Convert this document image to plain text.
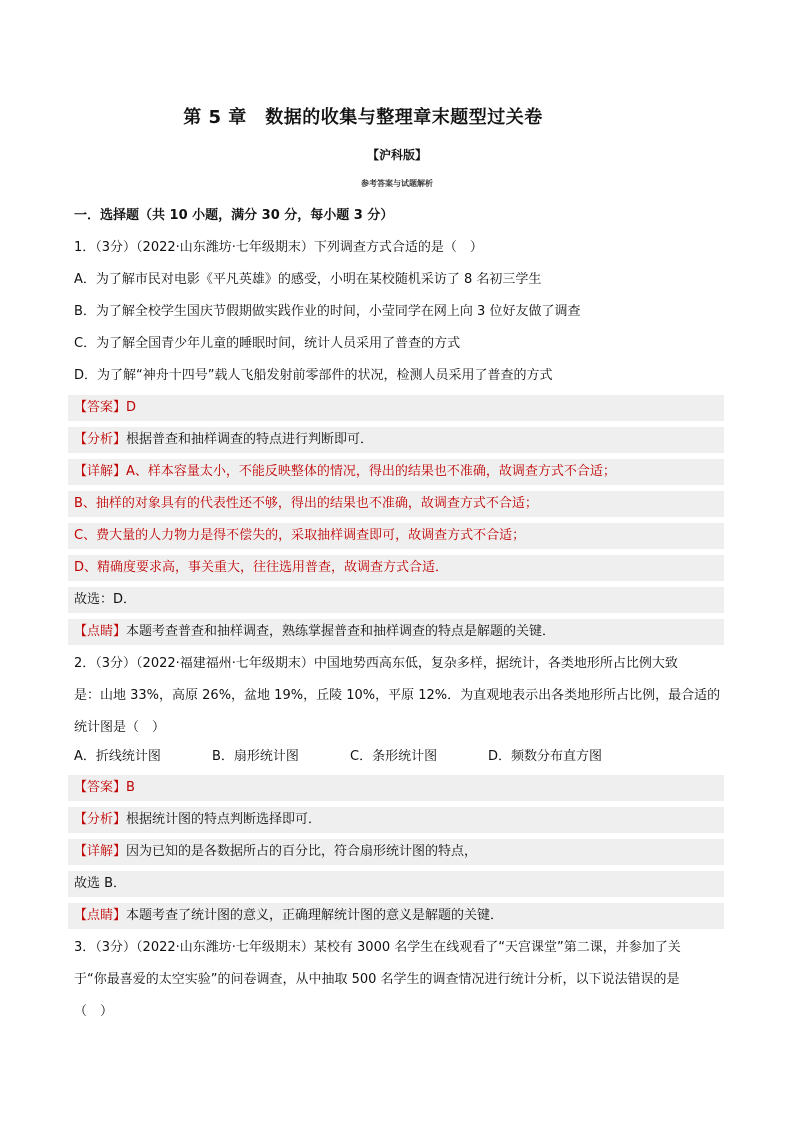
第 5 章　数据的收集与整理章末题型过关卷
【沪科版】
参考答案与试题解析
一．选择题（共 10 小题，满分 30 分，每小题 3 分）
1．（3分）（2022·山东潍坊·七年级期末）下列调查方式合适的是（　）
A．为了解市民对电影《平凡英雄》的感受，小明在某校随机采访了 8 名初三学生
B．为了解全校学生国庆节假期做实践作业的时间，小莹同学在网上向 3 位好友做了调查
C．为了解全国青少年儿童的睡眠时间，统计人员采用了普查的方式
D．为了解“神舟十四号”载人飞船发射前零部件的状况，检测人员采用了普查的方式
【答案】D
【分析】根据普查和抽样调查的特点进行判断即可．
【详解】A、样本容量太小，不能反映整体的情况，得出的结果也不准确，故调查方式不合适；
B、抽样的对象具有的代表性还不够，得出的结果也不准确，故调查方式不合适；
C、费大量的人力物力是得不偿失的，采取抽样调查即可，故调查方式不合适；
D、精确度要求高，事关重大，往往选用普查，故调查方式合适．
故选：D．
【点睛】本题考查普查和抽样调查，熟练掌握普查和抽样调查的特点是解题的关键．
2．（3分）（2022·福建福州·七年级期末）中国地势西高东低，复杂多样，据统计，各类地形所占比例大致
是：山地 33%，高原 26%，盆地 19%，丘陵 10%，平原 12%．为直观地表示出各类地形所占比例，最合适的
统计图是（　）
A．折线统计图	B．扇形统计图	C．条形统计图	D．频数分布直方图
【答案】B
【分析】根据统计图的特点判断选择即可．
【详解】因为已知的是各数据所占的百分比，符合扇形统计图的特点，
故选 B．
【点睛】本题考查了统计图的意义，正确理解统计图的意义是解题的关键．
3．（3分）（2022·山东潍坊·七年级期末）某校有 3000 名学生在线观看了“天宫课堂”第二课，并参加了关
于“你最喜爱的太空实验”的问卷调查，从中抽取 500 名学生的调查情况进行统计分析，以下说法错误的是
（　）
